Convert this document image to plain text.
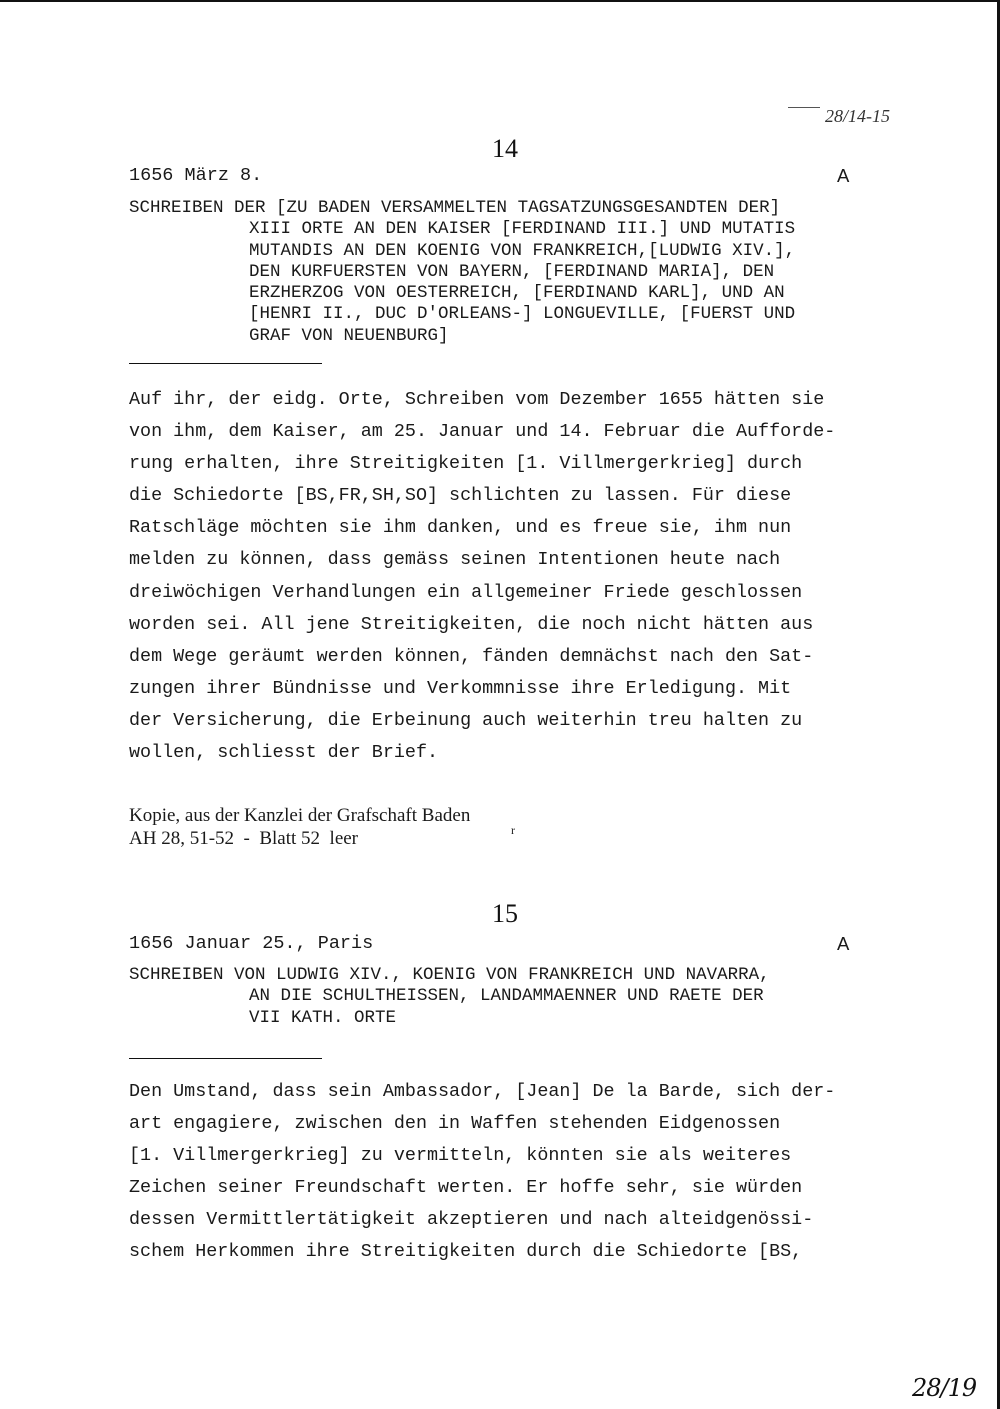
28/14-15
14
1656 März 8.	A
SCHREIBEN DER [ZU BADEN VERSAMMELTEN TAGSATZUNGSGESANDTEN DER]
XIII ORTE AN DEN KAISER [FERDINAND III.] UND MUTATIS
MUTANDIS AN DEN KOENIG VON FRANKREICH,[LUDWIG XIV.],
DEN KURFUERSTEN VON BAYERN, [FERDINAND MARIA], DEN
ERZHERZOG VON OESTERREICH, [FERDINAND KARL], UND AN
[HENRI II., DUC D'ORLEANS-] LONGUEVILLE, [FUERST UND
GRAF VON NEUENBURG]
Auf ihr, der eidg. Orte, Schreiben vom Dezember 1655 hätten sie
von ihm, dem Kaiser, am 25. Januar und 14. Februar die Aufforde-
rung erhalten, ihre Streitigkeiten [1. Villmergerkrieg] durch
die Schiedorte [BS,FR,SH,SO] schlichten zu lassen. Für diese
Ratschläge möchten sie ihm danken, und es freue sie, ihm nun
melden zu können, dass gemäss seinen Intentionen heute nach
dreiwöchigen Verhandlungen ein allgemeiner Friede geschlossen
worden sei. All jene Streitigkeiten, die noch nicht hätten aus
dem Wege geräumt werden können, fänden demnächst nach den Sat-
zungen ihrer Bündnisse und Verkommnisse ihre Erledigung. Mit
der Versicherung, die Erbeinung auch weiterhin treu halten zu
wollen, schliesst der Brief.
Kopie, aus der Kanzlei der Grafschaft Baden
AH 28, 51-52  -  Blatt 52  leer	r
15
1656 Januar 25., Paris	A
SCHREIBEN VON LUDWIG XIV., KOENIG VON FRANKREICH UND NAVARRA,
AN DIE SCHULTHEISSEN, LANDAMMAENNER UND RAETE DER
VII KATH. ORTE
Den Umstand, dass sein Ambassador, [Jean] De la Barde, sich der-
art engagiere, zwischen den in Waffen stehenden Eidgenossen
[1. Villmergerkrieg] zu vermitteln, könnten sie als weiteres
Zeichen seiner Freundschaft werten. Er hoffe sehr, sie würden
dessen Vermittlertätigkeit akzeptieren und nach alteidgenössi-
schem Herkommen ihre Streitigkeiten durch die Schiedorte [BS,
28/19
